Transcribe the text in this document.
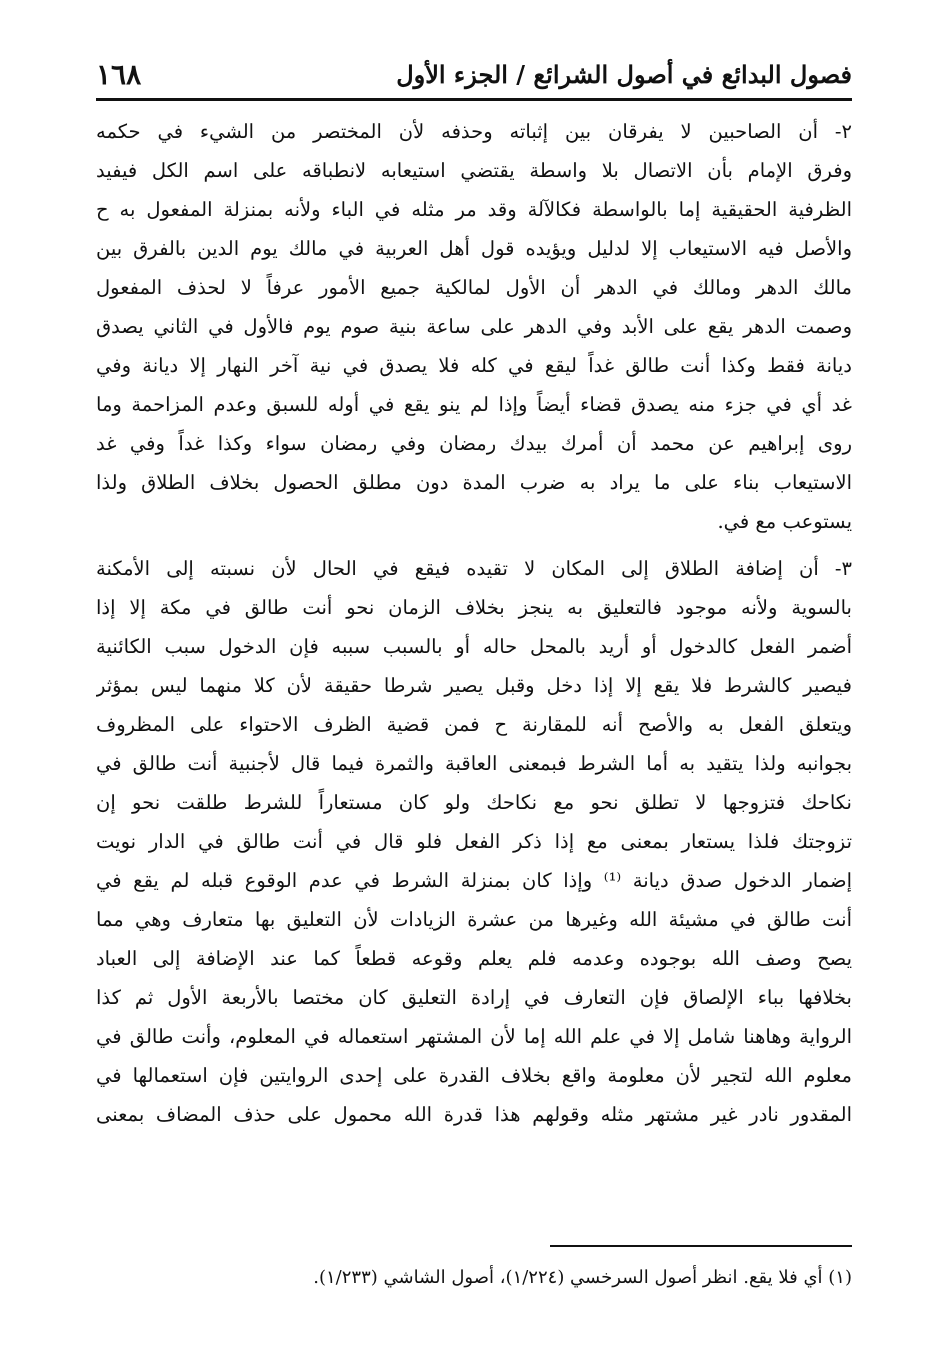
فصول البدائع في أصول الشرائع / الجزء الأول
١٦٨
٢- أن الصاحبين لا يفرقان بين إثباته وحذفه لأن المختصر من الشيء في حكمه
وفرق الإمام بأن الاتصال بلا واسطة يقتضي استيعابه لانطباقه على اسم الكل فيفيد
الظرفية الحقيقية إما بالواسطة فكالآلة وقد مر مثله في الباء ولأنه بمنزلة المفعول به ح
والأصل فيه الاستيعاب إلا لدليل ويؤيده قول أهل العربية في مالك يوم الدين بالفرق بين
مالك الدهر ومالك في الدهر أن الأول لمالكية جميع الأمور عرفاً لا لحذف المفعول
وصمت الدهر يقع على الأبد وفي الدهر على ساعة بنية صوم يوم فالأول في الثاني يصدق
ديانة فقط وكذا أنت طالق غداً ليقع في كله فلا يصدق في نية آخر النهار إلا ديانة وفي
غد أي في جزء منه يصدق قضاء أيضاً وإذا لم ينو يقع في أوله للسبق وعدم المزاحمة وما
روى إبراهيم عن محمد أن أمرك بيدك رمضان وفي رمضان سواء وكذا غداً وفي غد
الاستيعاب بناء على ما يراد به ضرب المدة دون مطلق الحصول بخلاف الطلاق ولذا
يستوعب مع في.
٣- أن إضافة الطلاق إلى المكان لا تقيده فيقع في الحال لأن نسبته إلى الأمكنة
بالسوية ولأنه موجود فالتعليق به ينجز بخلاف الزمان نحو أنت طالق في مكة إلا إذا
أضمر الفعل كالدخول أو أريد بالمحل حاله أو بالسبب سببه فإن الدخول سبب الكائنية
فيصير كالشرط فلا يقع إلا إذا دخل وقبل يصير شرطا حقيقة لأن كلا منهما ليس بمؤثر
ويتعلق الفعل به والأصح أنه للمقارنة ح فمن قضية الظرف الاحتواء على المظروف
بجوانبه ولذا يتقيد به أما الشرط فبمعنى العاقبة والثمرة فيما قال لأجنبية أنت طالق في
نكاحك فتزوجها لا تطلق نحو مع نكاحك ولو كان مستعاراً للشرط طلقت نحو إن
تزوجتك فلذا يستعار بمعنى مع إذا ذكر الفعل فلو قال في أنت طالق في الدار نويت
إضمار الدخول صدق ديانة ⁽¹⁾ وإذا كان بمنزلة الشرط في عدم الوقوع قبله لم يقع في
أنت طالق في مشيئة الله وغيرها من عشرة الزيادات لأن التعليق بها متعارف وهي مما
يصح وصف الله بوجوده وعدمه فلم يعلم وقوعه قطعاً كما عند الإضافة إلى العباد
بخلافها بباء الإلصاق فإن التعارف في إرادة التعليق كان مختصا بالأربعة الأول ثم كذا
الرواية وهاهنا شامل إلا في علم الله إما لأن المشتهر استعماله في المعلوم، وأنت طالق في
معلوم الله لتجير لأن معلومة واقع بخلاف القدرة على إحدى الروايتين فإن استعمالها في
المقدور نادر غير مشتهر مثله وقولهم هذا قدرة الله محمول على حذف المضاف بمعنى
(١) أي فلا يقع. انظر أصول السرخسي (١/٢٢٤)، أصول الشاشي (١/٢٣٣).
